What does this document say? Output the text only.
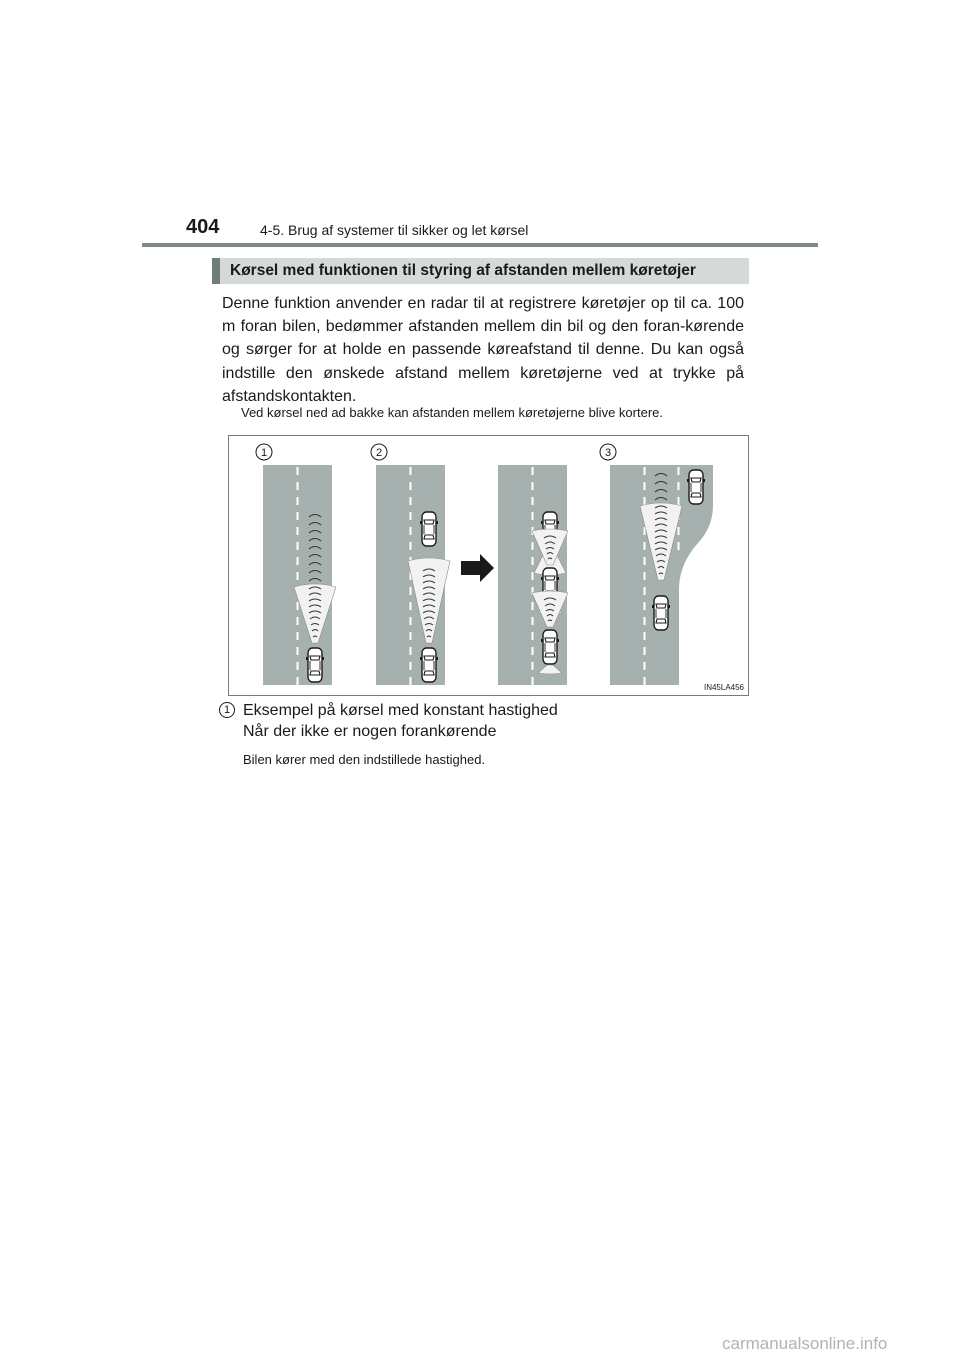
404	4-5. Brug af systemer til sikker og let kørsel
Kørsel med funktionen til styring af afstanden mellem køretøjer

Denne funktion anvender en radar til at registrere køretøjer op til ca. 100 m foran bilen, bedømmer afstanden mellem din bil og den foran-kørende og sørger for at holde en passende køreafstand til denne. Du kan også indstille den ønskede afstand mellem køretøjerne ved at trykke på afstandskontakten.

Ved kørsel ned ad bakke kan afstanden mellem køretøjerne blive kortere.

1	2	3
IN45LA456
1 Eksempel på kørsel med konstant hastighed
Når der ikke er nogen forankørende
Bilen kører med den indstillede hastighed.
carmanualsonline.info
